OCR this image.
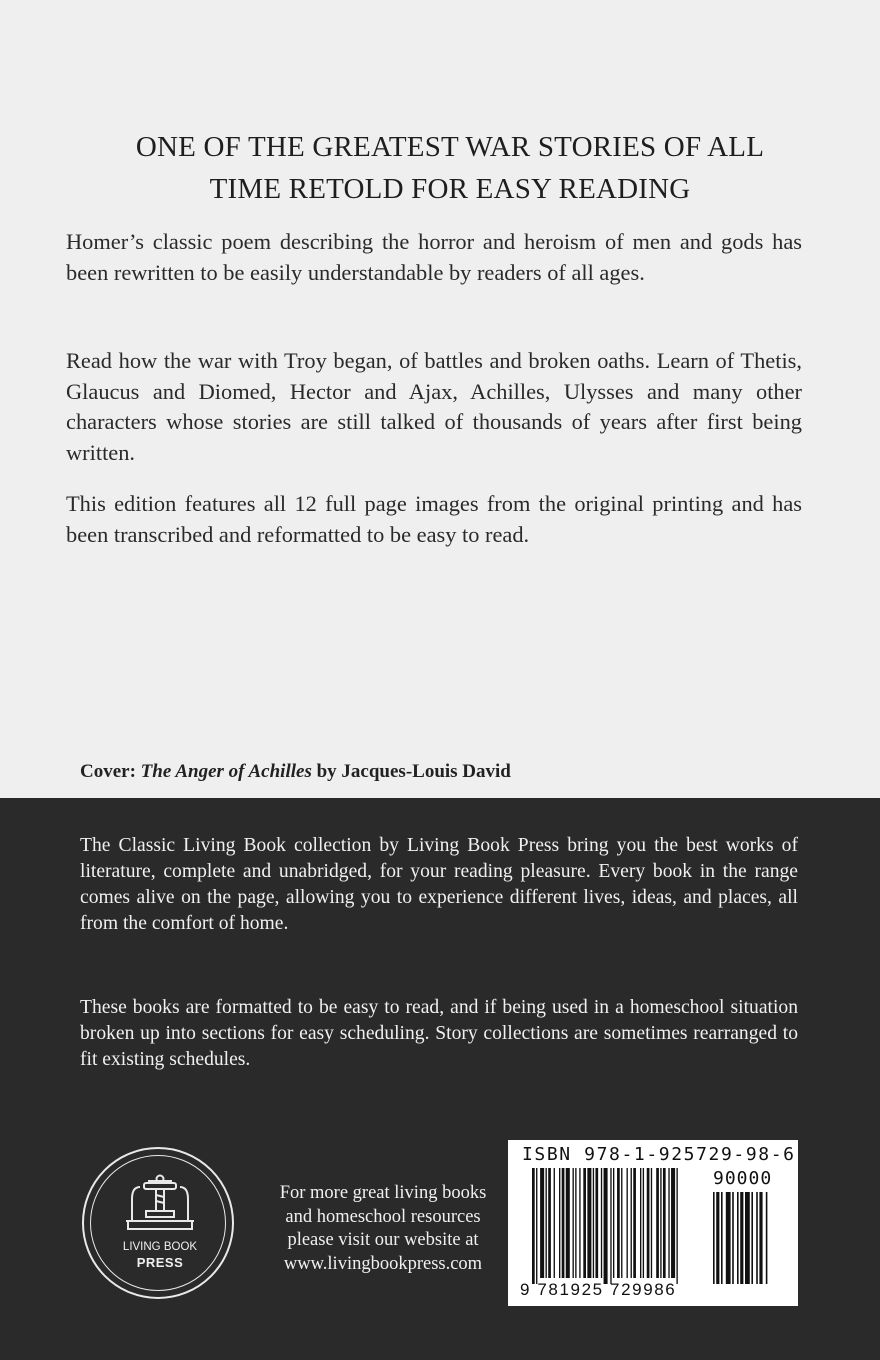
ONE OF THE GREATEST WAR STORIES OF ALL
TIME RETOLD FOR EASY READING
Homer’s classic poem describing the horror and heroism of men and gods has been rewritten to be easily understandable by readers of all ages.
Read how the war with Troy began, of battles and broken oaths. Learn of Thetis, Glaucus and Diomed, Hector and Ajax, Achilles, Ulysses and many other characters whose stories are still talked of thousands of years after first being written.
This edition features all 12 full page images from the original printing and has been transcribed and reformatted to be easy to read.
Cover: The Anger of Achilles by Jacques-Louis David
The Classic Living Book collection by Living Book Press bring you the best works of literature, complete and unabridged, for your reading pleasure. Every book in the range comes alive on the page, allowing you to experience different lives, ideas, and places, all from the comfort of home.
These books are formatted to be easy to read, and if being used in a homeschool situation broken up into sections for easy scheduling. Story collections are sometimes rearranged to fit existing schedules.
LIVING BOOK
PRESS
For more great living books
and homeschool resources
please visit our website at
www.livingbookpress.com
ISBN 978-1-925729-98-6
90000
9 781925 729986
